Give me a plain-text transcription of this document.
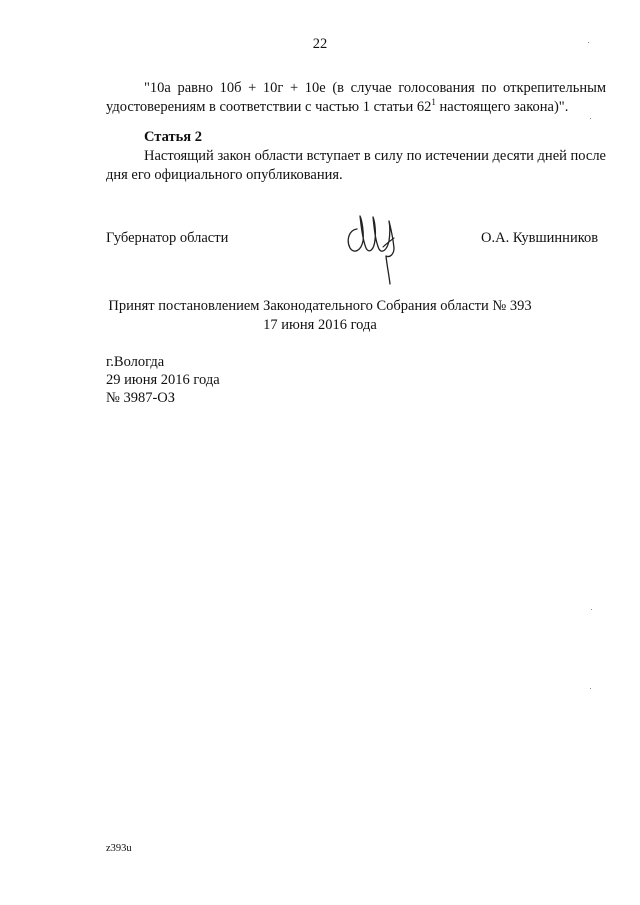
22
"10а равно 10б + 10г + 10е (в случае голосования по открепительным удостоверениям в соответствии с частью 1 статьи $62^1$ настоящего закона)".
Статья 2
Настоящий закон области вступает в силу по истечении десяти дней после дня его официального опубликования.
Губернатор области	О.А. Кувшинников
Принят постановлением Законодательного Собрания области № 393
17 июня 2016 года
г.Вологда
29 июня 2016 года
№ 3987-ОЗ
z393u
